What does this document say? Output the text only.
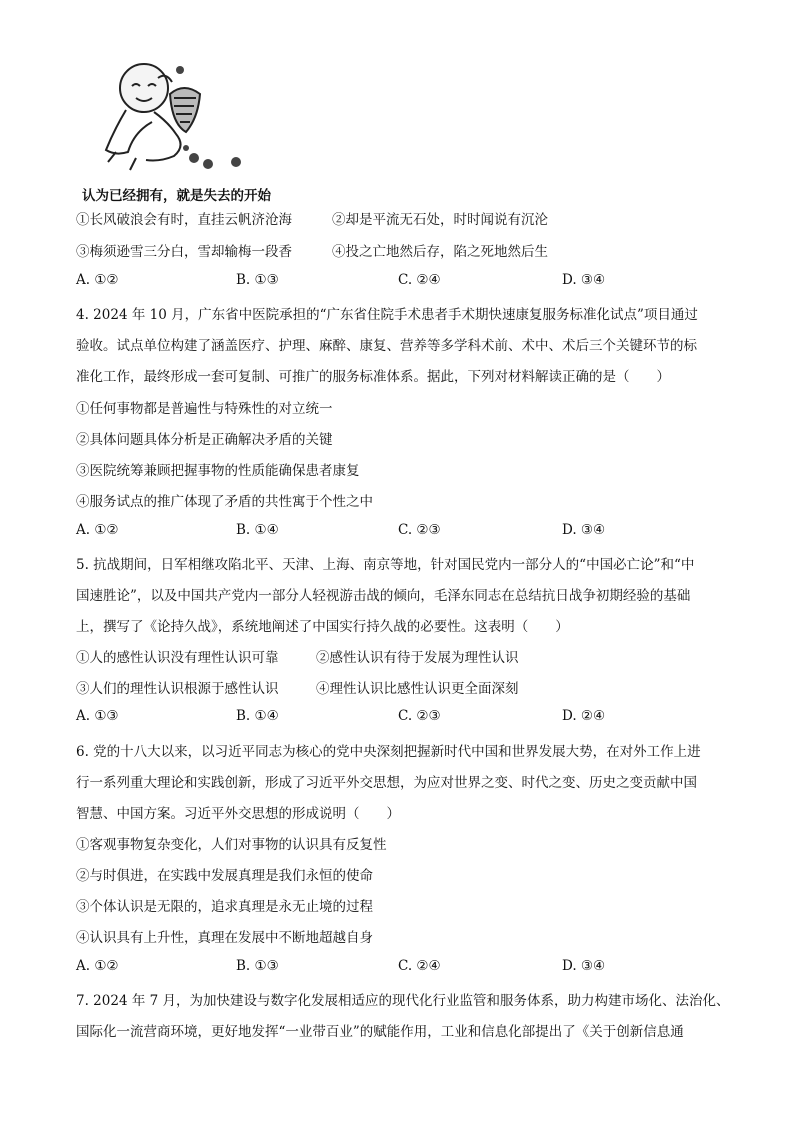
认为已经拥有，就是失去的开始
①长风破浪会有时，直挂云帆济沧海	②却是平流无石处，时时闻说有沉沦
③梅须逊雪三分白，雪却输梅一段香	④投之亡地然后存，陷之死地然后生
A. ①②	B. ①③	C. ②④	D. ③④
4. 2024 年 10 月，广东省中医院承担的“广东省住院手术患者手术期快速康复服务标准化试点”项目通过
验收。试点单位构建了涵盖医疗、护理、麻醉、康复、营养等多学科术前、术中、术后三个关键环节的标
准化工作，最终形成一套可复制、可推广的服务标准体系。据此，下列对材料解读正确的是（　　）
①任何事物都是普遍性与特殊性的对立统一
②具体问题具体分析是正确解决矛盾的关键
③医院统筹兼顾把握事物的性质能确保患者康复
④服务试点的推广体现了矛盾的共性寓于个性之中
A. ①②	B. ①④	C. ②③	D. ③④
5. 抗战期间，日军相继攻陷北平、天津、上海、南京等地，针对国民党内一部分人的“中国必亡论”和“中
国速胜论”，以及中国共产党内一部分人轻视游击战的倾向，毛泽东同志在总结抗日战争初期经验的基础
上，撰写了《论持久战》，系统地阐述了中国实行持久战的必要性。这表明（　　）
①人的感性认识没有理性认识可靠	②感性认识有待于发展为理性认识
③人们的理性认识根源于感性认识	④理性认识比感性认识更全面深刻
A. ①③	B. ①④	C. ②③	D. ②④
6. 党的十八大以来，以习近平同志为核心的党中央深刻把握新时代中国和世界发展大势，在对外工作上进
行一系列重大理论和实践创新，形成了习近平外交思想，为应对世界之变、时代之变、历史之变贡献中国
智慧、中国方案。习近平外交思想的形成说明（　　）
①客观事物复杂变化，人们对事物的认识具有反复性
②与时俱进，在实践中发展真理是我们永恒的使命
③个体认识是无限的，追求真理是永无止境的过程
④认识具有上升性，真理在发展中不断地超越自身
A. ①②	B. ①③	C. ②④	D. ③④
7. 2024 年 7 月，为加快建设与数字化发展相适应的现代化行业监管和服务体系，助力构建市场化、法治化、
国际化一流营商环境，更好地发挥“一业带百业”的赋能作用，工业和信息化部提出了《关于创新信息通
